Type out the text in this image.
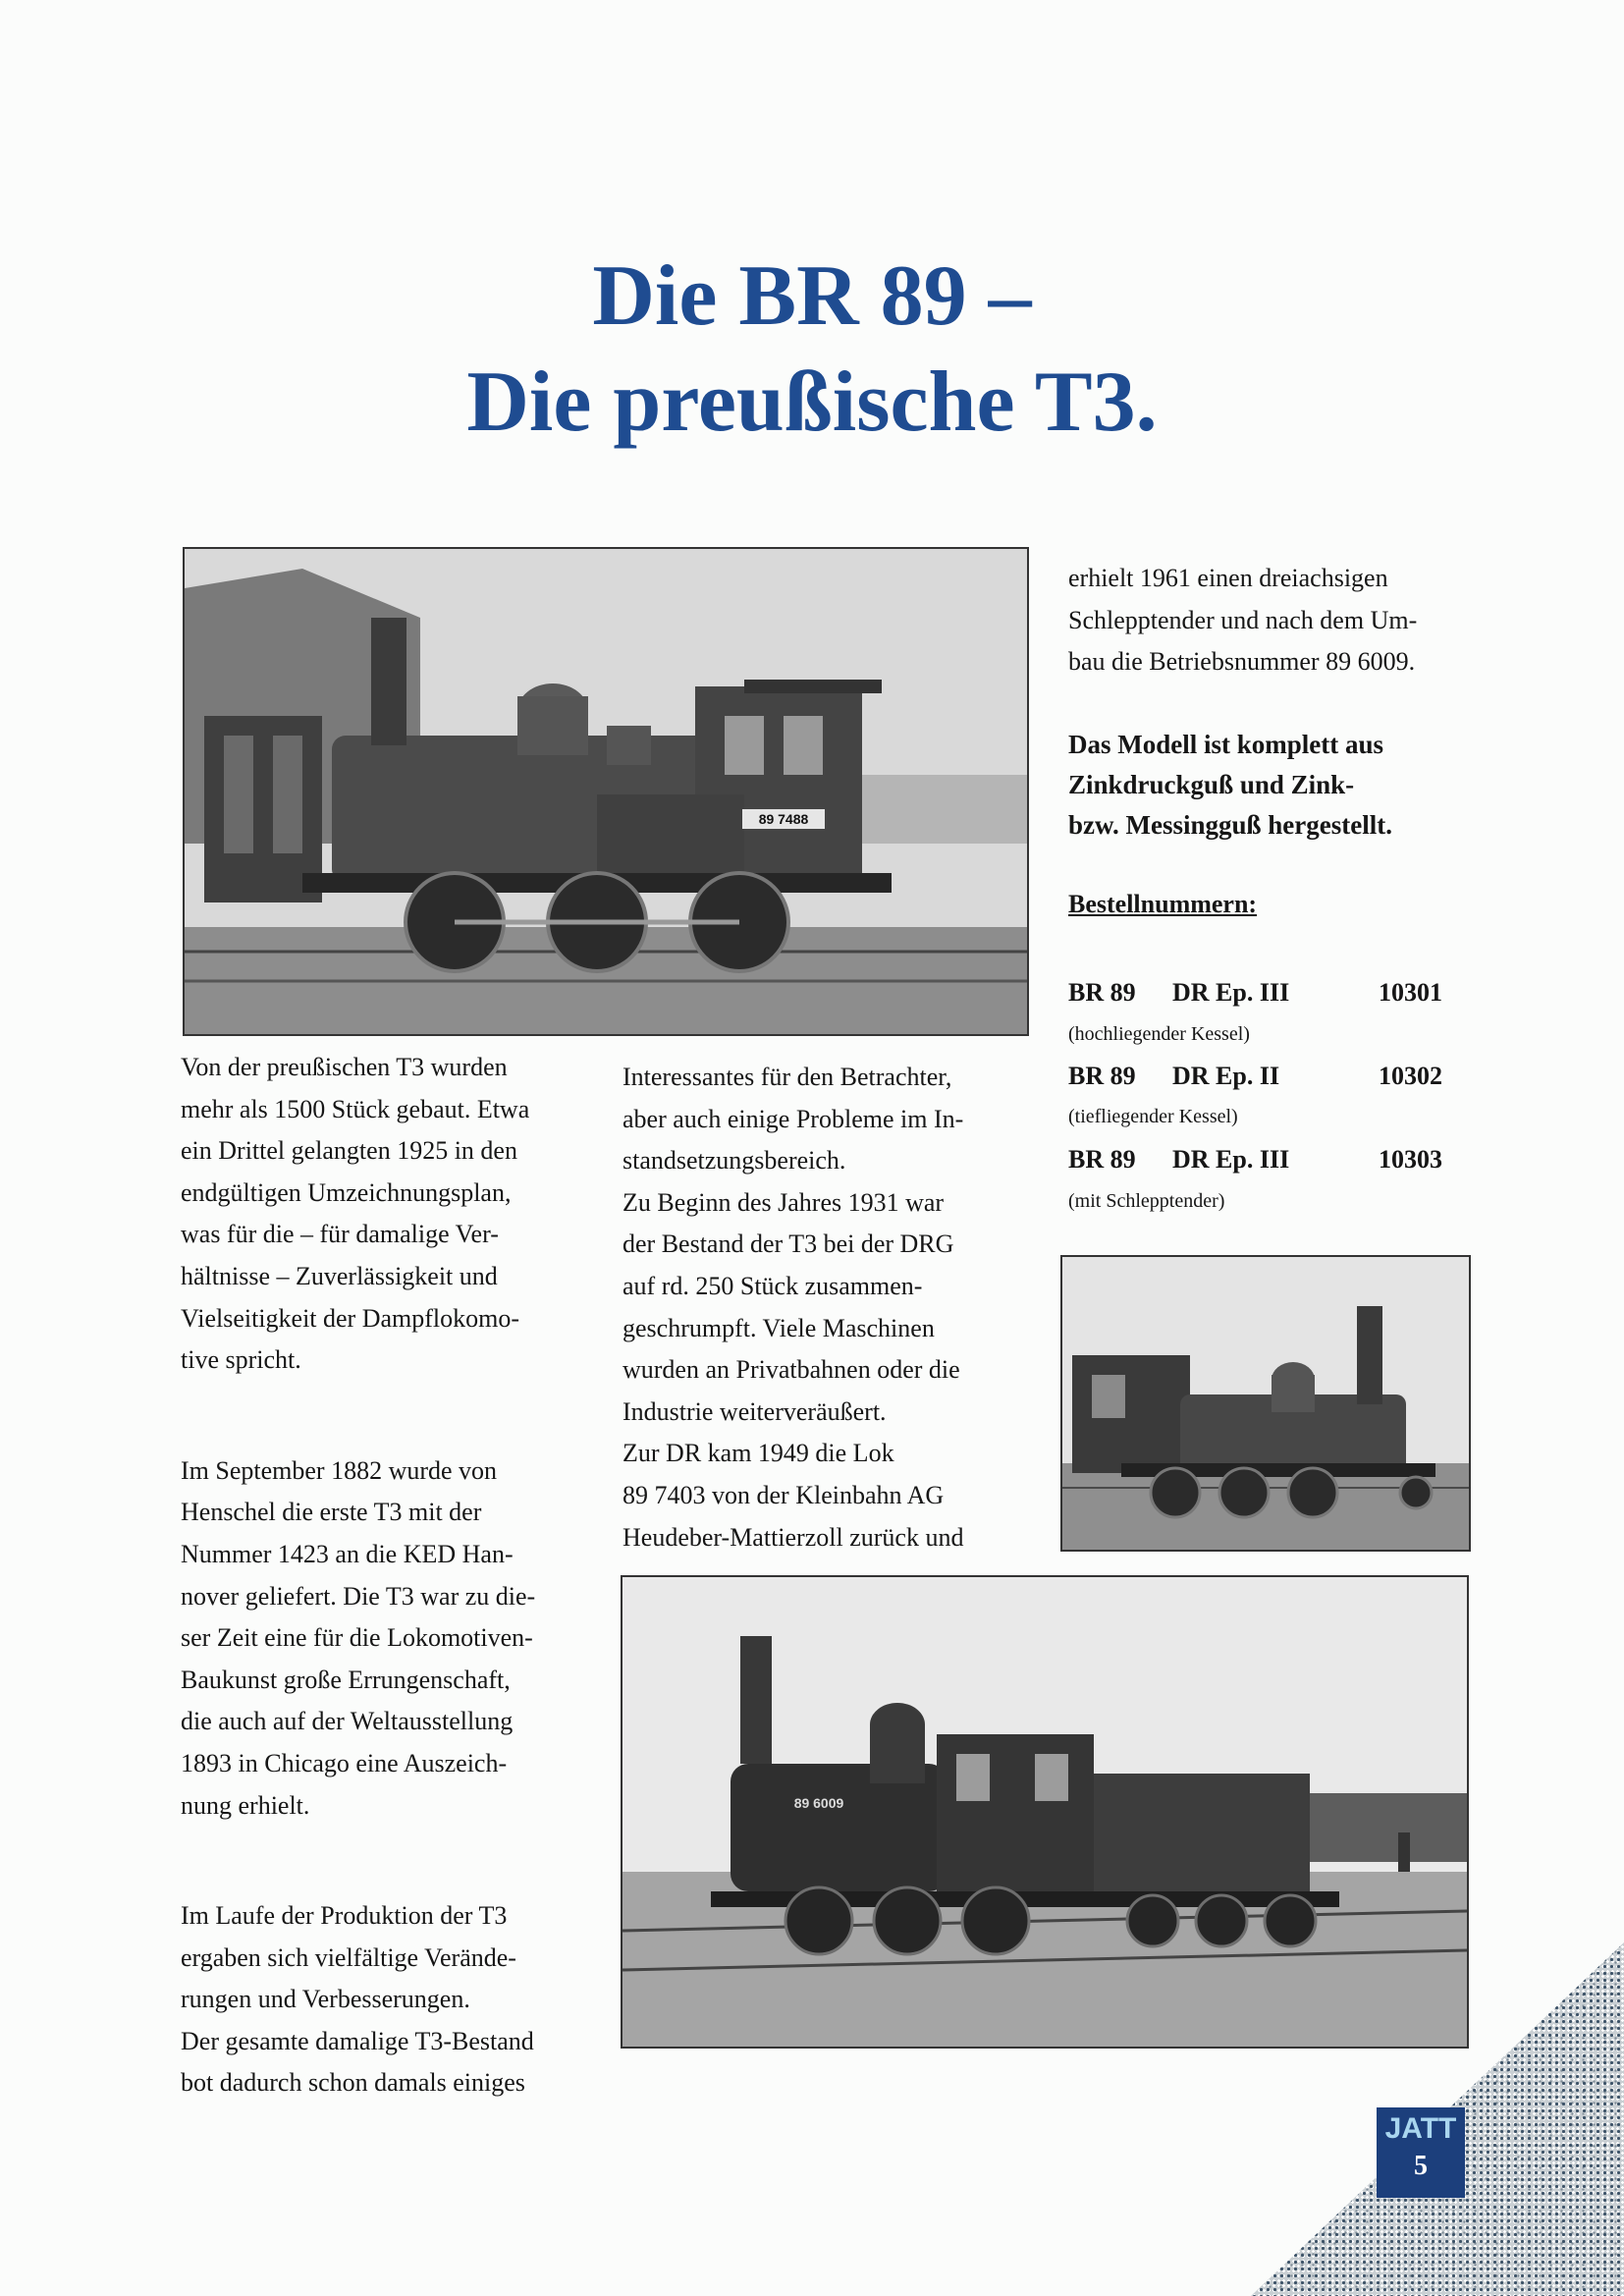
Die BR 89 –
Die preußische T3.
89 7488

Von der preußischen T3 wurden

mehr als 1500 Stück gebaut. Etwa

ein Drittel gelangten 1925 in den

endgültigen Umzeichnungsplan,

was für die – für damalige Ver-

hältnisse – Zuverlässigkeit und

Vielseitigkeit der Dampflokomo-

tive spricht.

Im September 1882 wurde von

Henschel die erste T3 mit der

Nummer 1423 an die KED Han-

nover geliefert. Die T3 war zu die-

ser Zeit eine für die Lokomotiven-

Baukunst große Errungenschaft,

die auch auf der Weltausstellung

1893 in Chicago eine Auszeich-

nung erhielt.

Im Laufe der Produktion der T3

ergaben sich vielfältige Verände-

rungen und Verbesserungen.

Der gesamte damalige T3-Bestand

bot dadurch schon damals einiges

Interessantes für den Betrachter,

aber auch einige Probleme im In-

standsetzungsbereich.

Zu Beginn des Jahres 1931 war

der Bestand der T3 bei der DRG

auf rd. 250 Stück zusammen-

geschrumpft. Viele Maschinen

wurden an Privatbahnen oder die

Industrie weiterveräußert.

Zur DR kam 1949 die Lok

89 7403 von der Kleinbahn AG

Heudeber-Mattierzoll zurück und

erhielt 1961 einen dreiachsigen

Schlepptender und nach dem Um-

bau die Betriebsnummer 89 6009.

Das Modell ist komplett aus

Zinkdruckguß und Zink-

bzw. Messingguß hergestellt.

Bestellnummern:
BR 89 DR Ep. III	10301
(hochliegender Kessel)
BR 89 DR Ep. II	10302
(tiefliegender Kessel)
BR 89 DR Ep. III	10303
(mit Schlepptender)
89 6009
JATT
5
